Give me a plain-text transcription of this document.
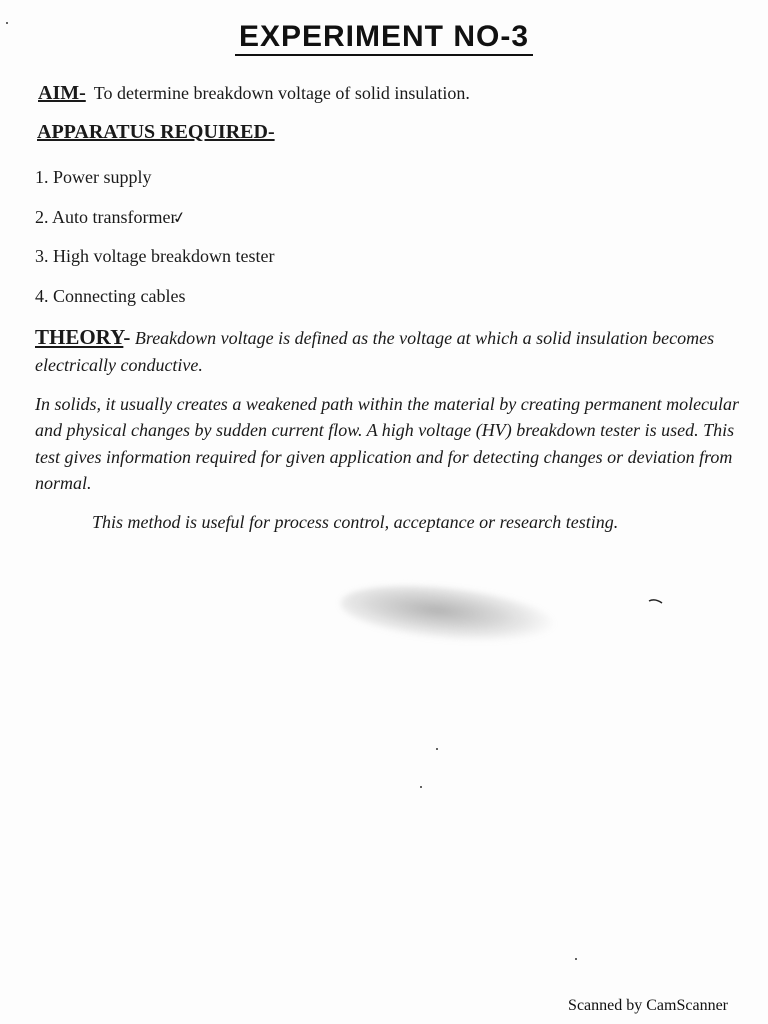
EXPERIMENT NO-3
AIM- To determine breakdown voltage of solid insulation.
APPARATUS REQUIRED-
1. Power supply
2. Auto transformer✓
3. High voltage breakdown tester
4. Connecting cables
THEORY- Breakdown voltage is defined as the voltage at which a solid insulation becomes electrically conductive.
In solids, it usually creates a weakened path within the material by creating permanent molecular and physical changes by sudden current flow. A high voltage (HV) breakdown tester is used. This test gives information required for given application and for detecting changes or deviation from normal.
This method is useful for process control, acceptance or research testing.
Scanned by CamScanner
